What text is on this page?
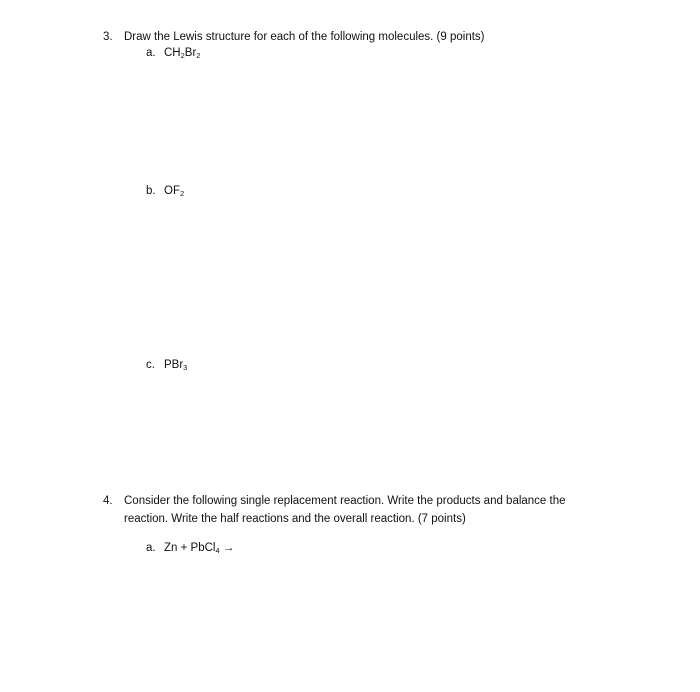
3. Draw the Lewis structure for each of the following molecules. (9 points)
a. $CH_2Br_2$
b. $OF_2$
c. PBr$_3$
4. Consider the following single replacement reaction. Write the products and balance the
reaction. Write the half reactions and the overall reaction. (7 points)
a. Zn + PbCl$_4$ →
